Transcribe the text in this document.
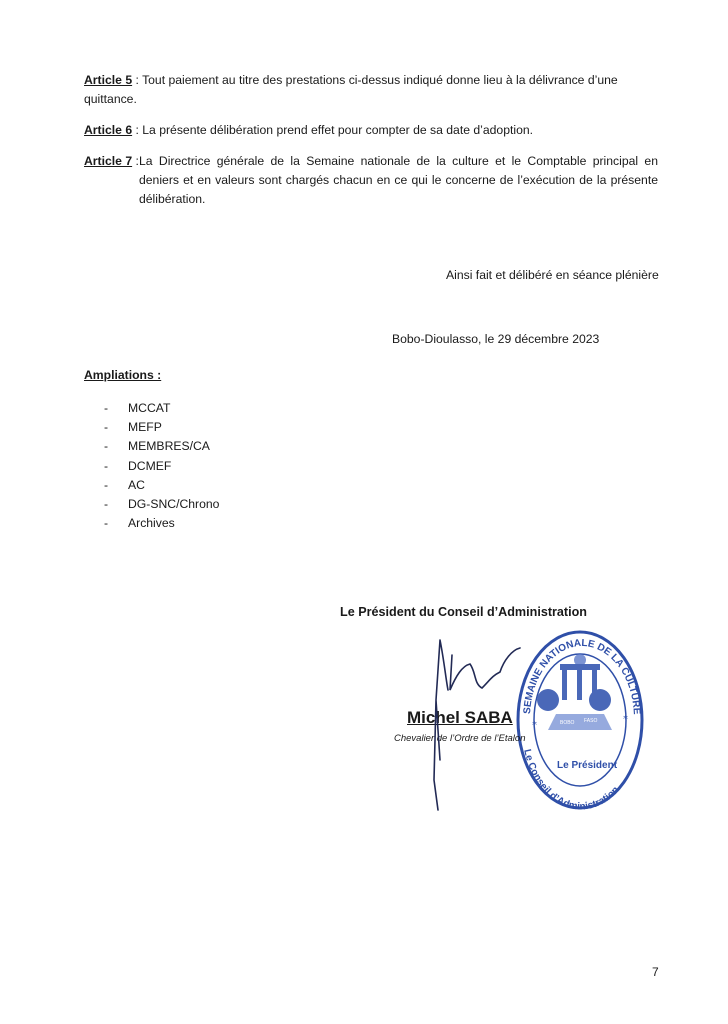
Article 5 : Tout paiement au titre des prestations ci-dessus indiqué donne lieu à la délivrance d’une quittance.
Article 6 : La présente délibération prend effet pour compter de sa date d’adoption.
Article 7 : La Directrice générale de la Semaine nationale de la culture et le Comptable principal en deniers et en valeurs sont chargés chacun en ce qui le concerne de l’exécution de la présente délibération.
Ainsi fait et délibéré en séance plénière
Bobo-Dioulasso, le 29 décembre 2023
Ampliations :
-	MCCAT
-	MEFP
-	MEMBRES/CA
-	DCMEF
-	AC
-	DG-SNC/Chrono
-	Archives
Le Président du Conseil d’Administration
SEMAINE NATIONALE DE LA CULTURE
Le Conseil d’Administration
*
*
BOBO FASO
Le Président
Michel SABA
Chevalier de l’Ordre de l’Etalon
7
